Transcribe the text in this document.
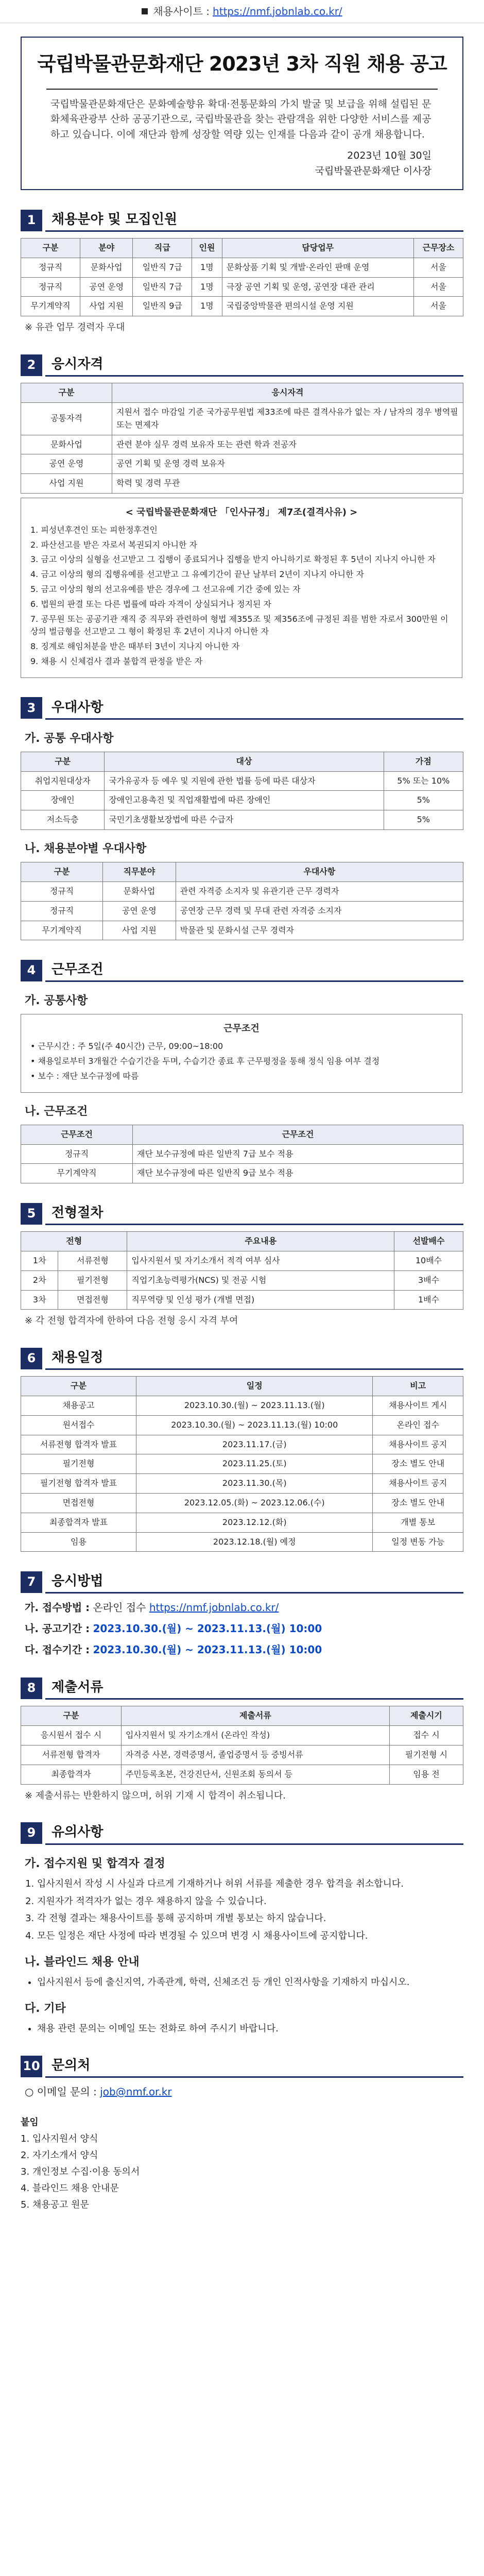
채용사이트 : https://nmf.jobnlab.co.kr/
국립박물관문화재단 2023년 3차 직원 채용 공고
국립박물관문화재단은 문화예술향유 확대·전통문화의 가치 발굴 및 보급을 위해 설립된 문화체육관광부 산하 공공기관으로, 국립박물관을 찾는 관람객을 위한 다양한 서비스를 제공하고 있습니다. 이에 재단과 함께 성장할 역량 있는 인재를 다음과 같이 공개 채용합니다.
2023년 10월 30일
국립박물관문화재단 이사장
1	채용분야 및 모집인원
구분	분야	직급	인원	담당업무	근무장소
정규직	문화사업	일반직 7급	1명	문화상품 기획 및 개발·온라인 판매 운영	서울
정규직	공연 운영	일반직 7급	1명	극장 공연 기획 및 운영, 공연장 대관 관리	서울
무기계약직	사업 지원	일반직 9급	1명	국립중앙박물관 편의시설 운영 지원	서울
※ 유관 업무 경력자 우대
2	응시자격
구분	응시자격
공통자격	지원서 접수 마감일 기준 국가공무원법 제33조에 따른 결격사유가 없는 자 / 남자의 경우 병역필 또는 면제자
문화사업	관련 분야 실무 경력 보유자 또는 관련 학과 전공자
공연 운영	공연 기획 및 운영 경력 보유자
사업 지원	학력 및 경력 무관
< 국립박물관문화재단 「인사규정」 제7조(결격사유) >

1. 피성년후견인 또는 피한정후견인

2. 파산선고를 받은 자로서 복권되지 아니한 자

3. 금고 이상의 실형을 선고받고 그 집행이 종료되거나 집행을 받지 아니하기로 확정된 후 5년이 지나지 아니한 자

4. 금고 이상의 형의 집행유예를 선고받고 그 유예기간이 끝난 날부터 2년이 지나지 아니한 자

5. 금고 이상의 형의 선고유예를 받은 경우에 그 선고유예 기간 중에 있는 자

6. 법원의 판결 또는 다른 법률에 따라 자격이 상실되거나 정지된 자

7. 공무원 또는 공공기관 재직 중 직무와 관련하여 형법 제355조 및 제356조에 규정된 죄를 범한 자로서 300만원 이상의 벌금형을 선고받고 그 형이 확정된 후 2년이 지나지 아니한 자

8. 징계로 해임처분을 받은 때부터 3년이 지나지 아니한 자

9. 채용 시 신체검사 결과 불합격 판정을 받은 자

3	우대사항
가. 공통 우대사항
구분	대상	가점
취업지원대상자	국가유공자 등 예우 및 지원에 관한 법률 등에 따른 대상자	5% 또는 10%
장애인	장애인고용촉진 및 직업재활법에 따른 장애인	5%
저소득층	국민기초생활보장법에 따른 수급자	5%
나. 채용분야별 우대사항
구분	직무분야	우대사항
정규직	문화사업	관련 자격증 소지자 및 유관기관 근무 경력자
정규직	공연 운영	공연장 근무 경력 및 무대 관련 자격증 소지자
무기계약직	사업 지원	박물관 및 문화시설 근무 경력자
4	근무조건
가. 공통사항
근무조건

• 근무시간 : 주 5일(주 40시간) 근무, 09:00~18:00

• 채용일로부터 3개월간 수습기간을 두며, 수습기간 종료 후 근무평정을 통해 정식 임용 여부 결정

• 보수 : 재단 보수규정에 따름

나. 근무조건
근무조건	근무조건
정규직	재단 보수규정에 따른 일반직 7급 보수 적용
무기계약직	재단 보수규정에 따른 일반직 9급 보수 적용
5	전형절차
전형		주요내용	선발배수
1차	서류전형	입사지원서 및 자기소개서 적격 여부 심사	10배수
2차	필기전형	직업기초능력평가(NCS) 및 전공 시험	3배수
3차	면접전형	직무역량 및 인성 평가 (개별 면접)	1배수
※ 각 전형 합격자에 한하여 다음 전형 응시 자격 부여
6	채용일정
구분	일정	비고
채용공고	2023.10.30.(월) ~ 2023.11.13.(월)	채용사이트 게시
원서접수	2023.10.30.(월) ~ 2023.11.13.(월) 10:00	온라인 접수
서류전형 합격자 발표	2023.11.17.(금)	채용사이트 공지
필기전형	2023.11.25.(토)	장소 별도 안내
필기전형 합격자 발표	2023.11.30.(목)	채용사이트 공지
면접전형	2023.12.05.(화) ~ 2023.12.06.(수)	장소 별도 안내
최종합격자 발표	2023.12.12.(화)	개별 통보
임용	2023.12.18.(월) 예정	일정 변동 가능
7	응시방법
가. 접수방법 : 온라인 접수 https://nmf.jobnlab.co.kr/
나. 공고기간 : 2023.10.30.(월) ~ 2023.11.13.(월) 10:00
다. 접수기간 : 2023.10.30.(월) ~ 2023.11.13.(월) 10:00
8	제출서류
구분	제출서류	제출시기
응시원서 접수 시	입사지원서 및 자기소개서 (온라인 작성)	접수 시
서류전형 합격자	자격증 사본, 경력증명서, 졸업증명서 등 증빙서류	필기전형 시
최종합격자	주민등록초본, 건강진단서, 신원조회 동의서 등	임용 전
※ 제출서류는 반환하지 않으며, 허위 기재 시 합격이 취소됩니다.
9	유의사항
가. 접수지원 및 합격자 결정
1. 입사지원서 작성 시 사실과 다르게 기재하거나 허위 서류를 제출한 경우 합격을 취소합니다.
2. 지원자가 적격자가 없는 경우 채용하지 않을 수 있습니다.
3. 각 전형 결과는 채용사이트를 통해 공지하며 개별 통보는 하지 않습니다.
4. 모든 일정은 재단 사정에 따라 변경될 수 있으며 변경 시 채용사이트에 공지합니다.
나. 블라인드 채용 안내
• 입사지원서 등에 출신지역, 가족관계, 학력, 신체조건 등 개인 인적사항을 기재하지 마십시오.
다. 기타
• 채용 관련 문의는 이메일 또는 전화로 하여 주시기 바랍니다.
10 문의처
○ 이메일 문의 : job@nmf.or.kr
붙임
1. 입사지원서 양식
2. 자기소개서 양식
3. 개인정보 수집·이용 동의서
4. 블라인드 채용 안내문
5. 채용공고 원문
